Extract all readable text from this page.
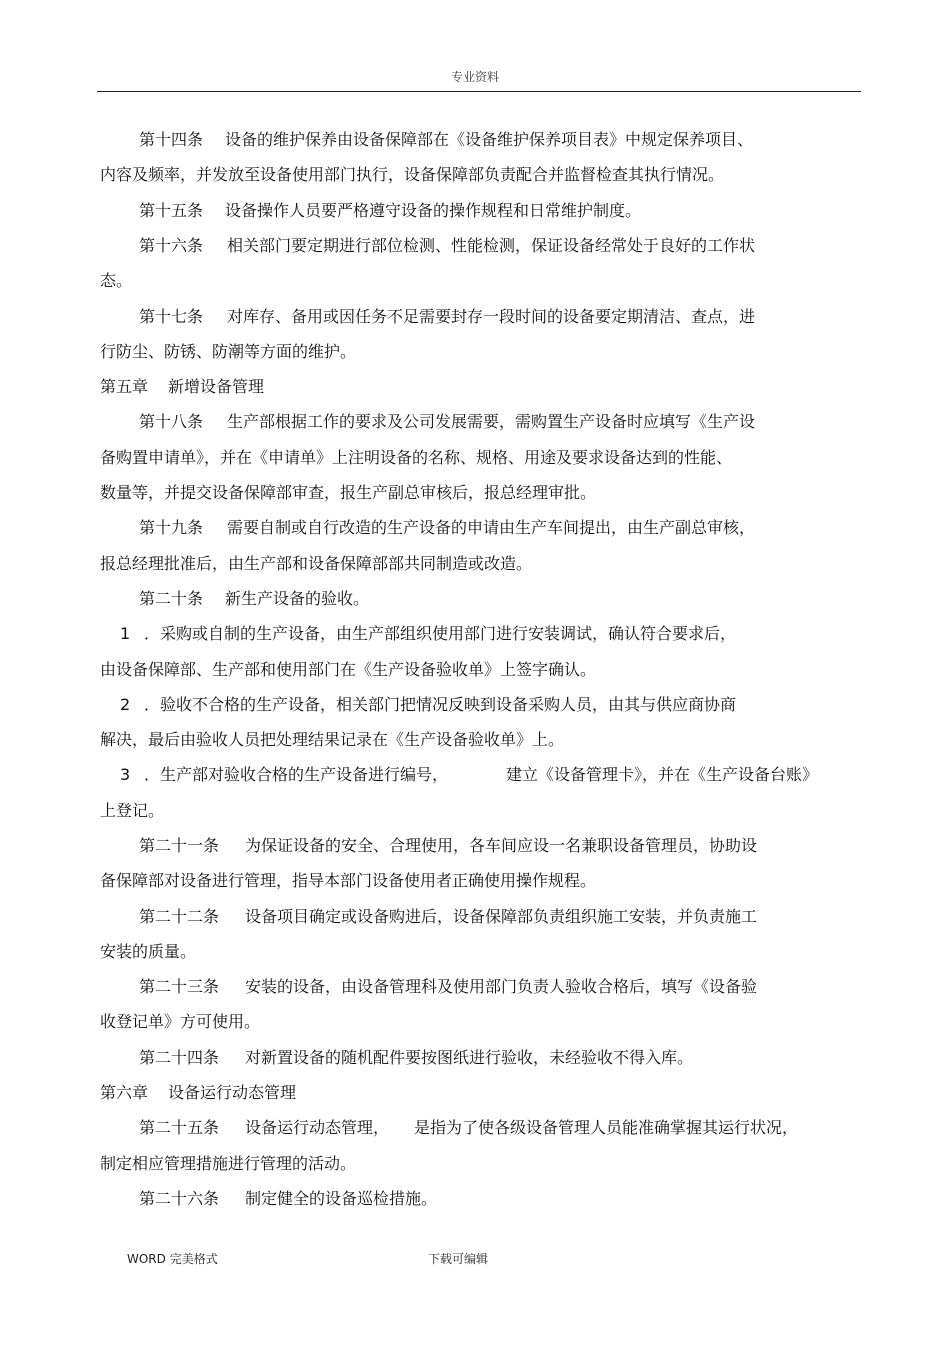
专业资料
第十四条 设备的维护保养由设备保障部在《设备维护保养项目表》中规定保养项目、
内容及频率，并发放至设备使用部门执行，设备保障部负责配合并监督检查其执行情况。
第十五条 设备操作人员要严格遵守设备的操作规程和日常维护制度。
第十六条 相关部门要定期进行部位检测、性能检测，保证设备经常处于良好的工作状
态。
第十七条 对库存、备用或因任务不足需要封存一段时间的设备要定期清洁、查点，进
行防尘、防锈、防潮等方面的维护。
第五章 新增设备管理
第十八条 生产部根据工作的要求及公司发展需要，需购置生产设备时应填写《生产设
备购置申请单》，并在《申请单》上注明设备的名称、规格、用途及要求设备达到的性能、
数量等，并提交设备保障部审查，报生产副总审核后，报总经理审批。
第十九条 需要自制或自行改造的生产设备的申请由生产车间提出，由生产副总审核，
报总经理批准后，由生产部和设备保障部部共同制造或改造。
第二十条 新生产设备的验收。
1 ．采购或自制的生产设备，由生产部组织使用部门进行安装调试，确认符合要求后，
由设备保障部、生产部和使用部门在《生产设备验收单》上签字确认。
2 ．验收不合格的生产设备，相关部门把情况反映到设备采购人员，由其与供应商协商
解决，最后由验收人员把处理结果记录在《生产设备验收单》上。
3 ．生产部对验收合格的生产设备进行编号，	建立《设备管理卡》，并在《生产设备台账》
上登记。
第二十一条 为保证设备的安全、合理使用，各车间应设一名兼职设备管理员，协助设
备保障部对设备进行管理，指导本部门设备使用者正确使用操作规程。
第二十二条 设备项目确定或设备购进后，设备保障部负责组织施工安装，并负责施工
安装的质量。
第二十三条 安装的设备，由设备管理科及使用部门负责人验收合格后，填写《设备验
收登记单》方可使用。
第二十四条 对新置设备的随机配件要按图纸进行验收，未经验收不得入库。
第六章 设备运行动态管理
第二十五条 设备运行动态管理， 是指为了使各级设备管理人员能准确掌握其运行状况，
制定相应管理措施进行管理的活动。
第二十六条 制定健全的设备巡检措施。
WORD 完美格式	下载可编辑
